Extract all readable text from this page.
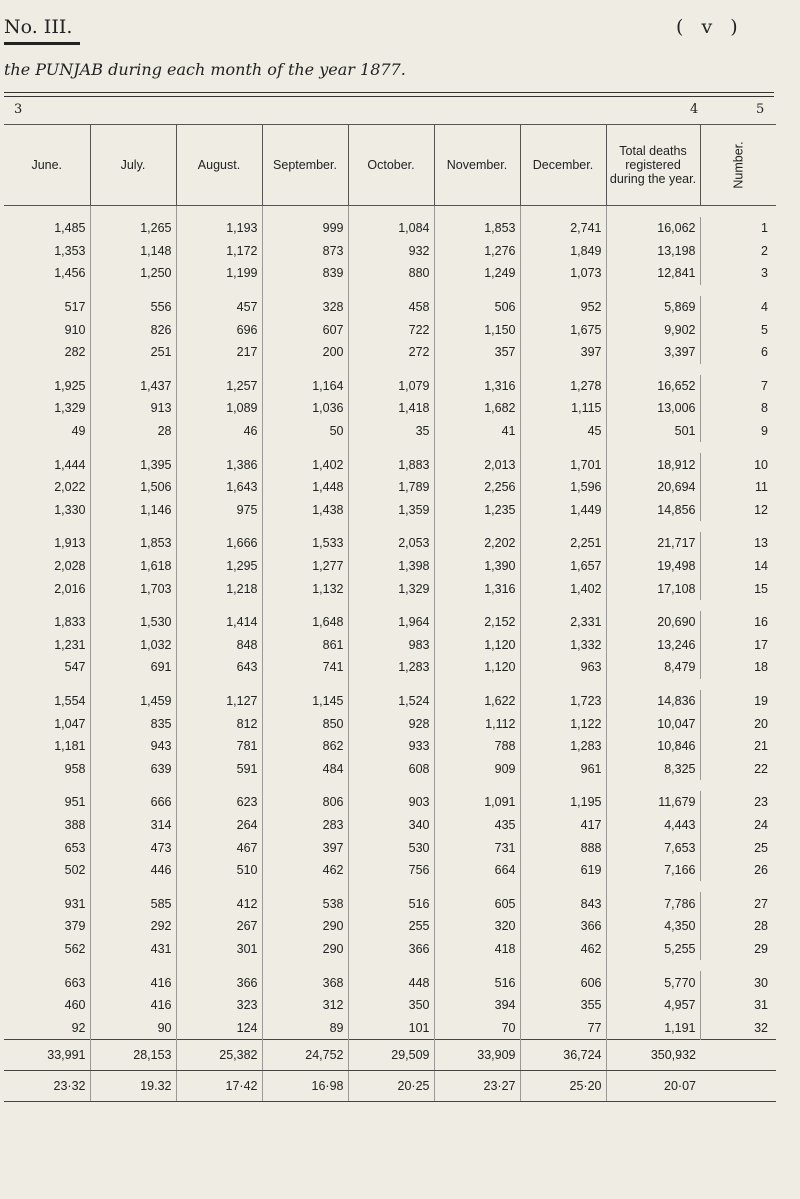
No. III.	( v )
the PUNJAB during each month of the year 1877.
3	4	5
June.	July.	August.	September.	October.	November.	December.	Total deaths registered during the year.	Number.

1,485	1,265	1,193	999	1,084	1,853	2,741	16,062	1
1,353	1,148	1,172	873	932	1,276	1,849	13,198	2
1,456	1,250	1,199	839	880	1,249	1,073	12,841	3

517	556	457	328	458	506	952	5,869	4
910	826	696	607	722	1,150	1,675	9,902	5
282	251	217	200	272	357	397	3,397	6

1,925	1,437	1,257	1,164	1,079	1,316	1,278	16,652	7
1,329	913	1,089	1,036	1,418	1,682	1,115	13,006	8
49	28	46	50	35	41	45	501	9

1,444	1,395	1,386	1,402	1,883	2,013	1,701	18,912	10
2,022	1,506	1,643	1,448	1,789	2,256	1,596	20,694	11
1,330	1,146	975	1,438	1,359	1,235	1,449	14,856	12

1,913	1,853	1,666	1,533	2,053	2,202	2,251	21,717	13
2,028	1,618	1,295	1,277	1,398	1,390	1,657	19,498	14
2,016	1,703	1,218	1,132	1,329	1,316	1,402	17,108	15

1,833	1,530	1,414	1,648	1,964	2,152	2,331	20,690	16
1,231	1,032	848	861	983	1,120	1,332	13,246	17
547	691	643	741	1,283	1,120	963	8,479	18

1,554	1,459	1,127	1,145	1,524	1,622	1,723	14,836	19
1,047	835	812	850	928	1,112	1,122	10,047	20
1,181	943	781	862	933	788	1,283	10,846	21
958	639	591	484	608	909	961	8,325	22

951	666	623	806	903	1,091	1,195	11,679	23
388	314	264	283	340	435	417	4,443	24
653	473	467	397	530	731	888	7,653	25
502	446	510	462	756	664	619	7,166	26

931	585	412	538	516	605	843	7,786	27
379	292	267	290	255	320	366	4,350	28
562	431	301	290	366	418	462	5,255	29

663	416	366	368	448	516	606	5,770	30
460	416	323	312	350	394	355	4,957	31
92	90	124	89	101	70	77	1,191	32
33,991	28,153	25,382	24,752	29,509	33,909	36,724	350,932	
23·32	19.32	17·42	16·98	20·25	23·27	25·20	20·07	
